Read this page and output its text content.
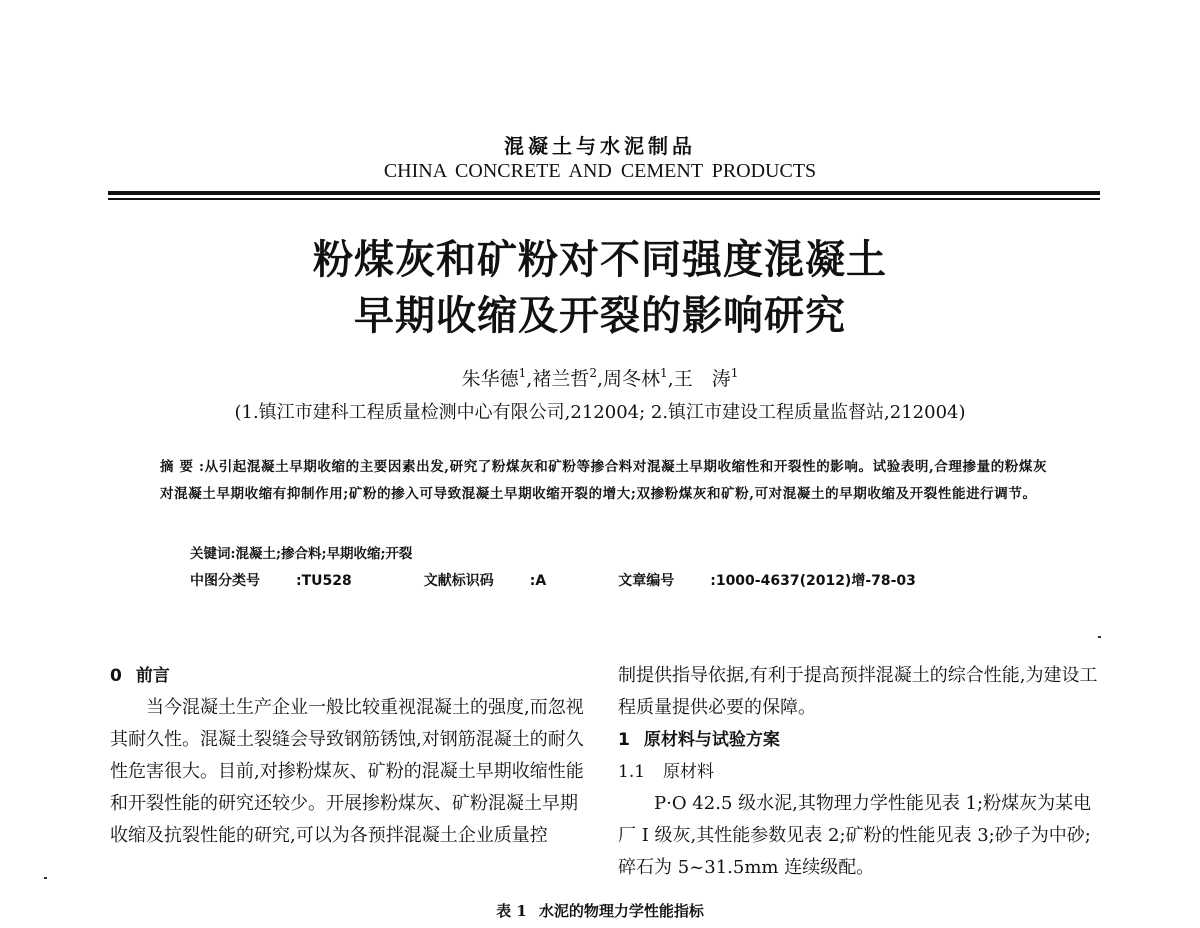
混凝土与水泥制品
CHINA CONCRETE AND CEMENT PRODUCTS
粉煤灰和矿粉对不同强度混凝土
早期收缩及开裂的影响研究
朱华德$^1$,褚兰哲$^2$,周冬林$^1$,王　涛$^1$
(1.镇江市建科工程质量检测中心有限公司,212004; 2.镇江市建设工程质量监督站,212004)
摘要:从引起混凝土早期收缩的主要因素出发,研究了粉煤灰和矿粉等掺合料对混凝土早期收缩性和开裂性的影响。试验表明,合理掺量的粉煤灰对混凝土早期收缩有抑制作用;矿粉的掺入可导致混凝土早期收缩开裂的增大;双掺粉煤灰和矿粉,可对混凝土的早期收缩及开裂性能进行调节。
关键词:混凝土;掺合料;早期收缩;开裂
中图分类号	:TU528	文献标识码	:A	文章编号	:1000-4637(2012)增-78-03

0 前言

当今混凝土生产企业一般比较重视混凝土的强度,而忽视其耐久性。混凝土裂缝会导致钢筋锈蚀,对钢筋混凝土的耐久性危害很大。目前,对掺粉煤灰、矿粉的混凝土早期收缩性能和开裂性能的研究还较少。开展掺粉煤灰、矿粉混凝土早期收缩及抗裂性能的研究,可以为各预拌混凝土企业质量控

制提供指导依据,有利于提高预拌混凝土的综合性能,为建设工程质量提供必要的保障。

1 原材料与试验方案

1.1 原材料

P·O 42.5 级水泥,其物理力学性能见表 1;粉煤灰为某电厂 Ⅰ 级灰,其性能参数见表 2;矿粉的性能见表 3;砂子为中砂;碎石为 5~31.5mm 连续级配。

表 1 水泥的物理力学性能指标
